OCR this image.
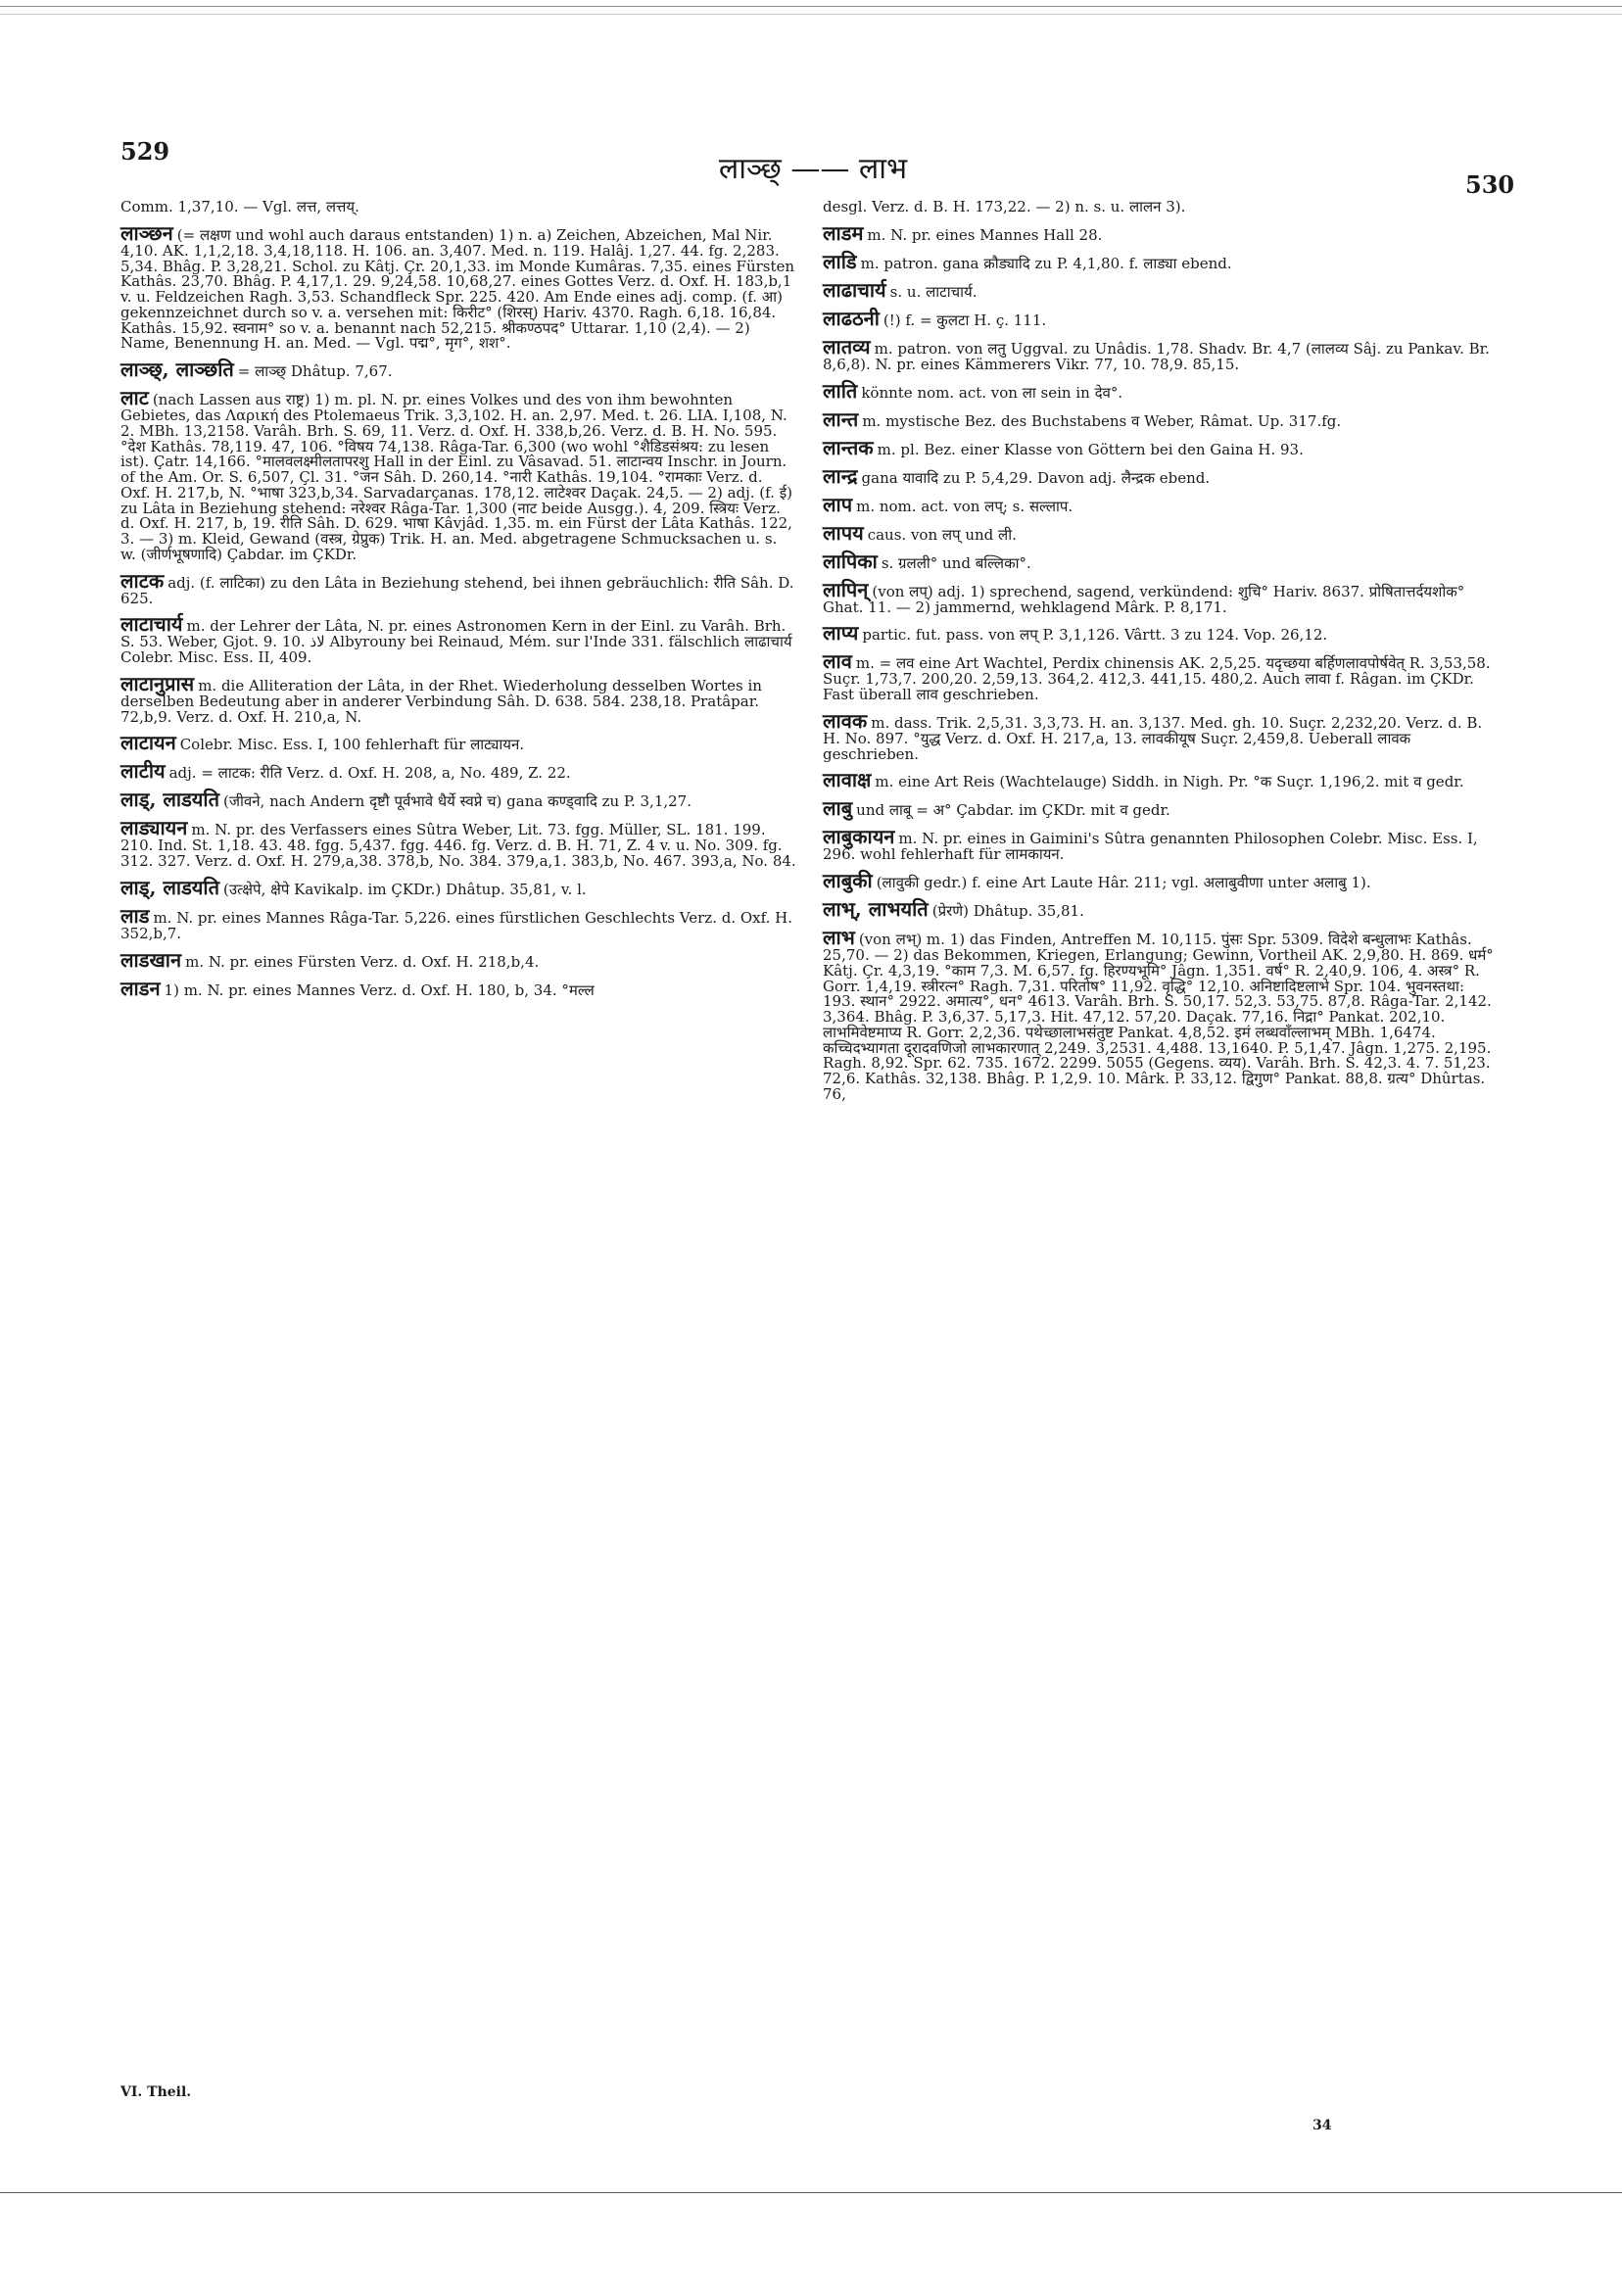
529
लाञ्छ् —— लाभ	530

Comm. 1,37,10. — Vgl. लत्त, लत्तय्.

लाञ्छन (= लक्षण und wohl auch daraus entstanden) 1) n. a) Zeichen, Abzeichen, Mal Nir. 4,10. AK. 1,1,2,18. 3,4,18,118. H. 106. an. 3,407. Med. n. 119. Halâj. 1,27. 44. fg. 2,283. 5,34. Bhâg. P. 3,28,21. Schol. zu Kâtj. Çr. 20,1,33. im Monde Kumâras. 7,35. eines Fürsten Kathâs. 23,70. Bhâg. P. 4,17,1. 29. 9,24,58. 10,68,27. eines Gottes Verz. d. Oxf. H. 183,b,1 v. u. Feldzeichen Ragh. 3,53. Schandfleck Spr. 225. 420. Am Ende eines adj. comp. (f. आ) gekennzeichnet durch so v. a. versehen mit: किरीट° (शिरस्) Hariv. 4370. Ragh. 6,18. 16,84. Kathâs. 15,92. स्वनाम° so v. a. benannt nach 52,215. श्रीकण्ठपद° Uttarar. 1,10 (2,4). — 2) Name, Benennung H. an. Med. — Vgl. पद्म°, मृग°, शश°.

लाञ्छ्, लाञ्छति = लाञ्छ् Dhâtup. 7,67.

लाट (nach Lassen aus राष्ट्र) 1) m. pl. N. pr. eines Volkes und des von ihm bewohnten Gebietes, das Λαρική des Ptolemaeus Trik. 3,3,102. H. an. 2,97. Med. t. 26. LIA. I,108, N. 2. MBh. 13,2158. Varâh. Brh. S. 69, 11. Verz. d. Oxf. H. 338,b,26. Verz. d. B. H. No. 595. °देश Kathâs. 78,119. 47, 106. °विषय 74,138. Râga-Tar. 6,300 (wo wohl °शैडिडसंश्रय: zu lesen ist). Çatr. 14,166. °मालवलक्ष्मीलतापरशु Hall in der Einl. zu Vâsavad. 51. लाटान्वय Inschr. in Journ. of the Am. Or. S. 6,507, Çl. 31. °जन Sâh. D. 260,14. °नारी Kathâs. 19,104. °रामकाः Verz. d. Oxf. H. 217,b, N. °भाषा 323,b,34. Sarvadarçanas. 178,12. लाटेश्वर Daçak. 24,5. — 2) adj. (f. ई) zu Lâta in Beziehung stehend: नरेश्वर Râga-Tar. 1,300 (नाट beide Ausgg.). 4, 209. स्त्रियः Verz. d. Oxf. H. 217, b, 19. रीति Sâh. D. 629. भाषा Kâvjâd. 1,35. m. ein Fürst der Lâta Kathâs. 122, 3. — 3) m. Kleid, Gewand (वस्त्र, ग्रेप्रुक) Trik. H. an. Med. abgetragene Schmucksachen u. s. w. (जीर्णभूषणादि) Çabdar. im ÇKDr.

लाटक adj. (f. लाटिका) zu den Lâta in Beziehung stehend, bei ihnen gebräuchlich: रीति Sâh. D. 625.

लाटाचार्य m. der Lehrer der Lâta, N. pr. eines Astronomen Kern in der Einl. zu Varâh. Brh. S. 53. Weber, Gjot. 9. 10. لاذ Albyrouny bei Reinaud, Mém. sur l'Inde 331. fälschlich लाढाचार्य Colebr. Misc. Ess. II, 409.

लाटानुप्रास m. die Alliteration der Lâta, in der Rhet. Wiederholung desselben Wortes in derselben Bedeutung aber in anderer Verbindung Sâh. D. 638. 584. 238,18. Pratâpar. 72,b,9. Verz. d. Oxf. H. 210,a, N.

लाटायन Colebr. Misc. Ess. I, 100 fehlerhaft für लाट्यायन.

लाटीय adj. = लाटक: रीति Verz. d. Oxf. H. 208, a, No. 489, Z. 22.

लाड्, लाडयति (जीवने, nach Andern दृष्टौ पूर्वभावे धैर्ये स्वप्ने च) gana कण्ड्वादि zu P. 3,1,27.

लाड्यायन m. N. pr. des Verfassers eines Sûtra Weber, Lit. 73. fgg. Müller, SL. 181. 199. 210. Ind. St. 1,18. 43. 48. fgg. 5,437. fgg. 446. fg. Verz. d. B. H. 71, Z. 4 v. u. No. 309. fg. 312. 327. Verz. d. Oxf. H. 279,a,38. 378,b, No. 384. 379,a,1. 383,b, No. 467. 393,a, No. 84.

लाड्, लाडयति (उत्क्षेपे, क्षेपे Kavikalp. im ÇKDr.) Dhâtup. 35,81, v. l.

लाड m. N. pr. eines Mannes Râga-Tar. 5,226. eines fürstlichen Geschlechts Verz. d. Oxf. H. 352,b,7.

लाडखान m. N. pr. eines Fürsten Verz. d. Oxf. H. 218,b,4.

लाडन 1) m. N. pr. eines Mannes Verz. d. Oxf. H. 180, b, 34. °मल्ल

desgl. Verz. d. B. H. 173,22. — 2) n. s. u. लालन 3).

लाडम m. N. pr. eines Mannes Hall 28.

लाडि m. patron. gana क्रौड्यादि zu P. 4,1,80. f. लाड्या ebend.

लाढाचार्य s. u. लाटाचार्य.

लाढठनी (!) f. = कुलटा H. ç. 111.

लातव्य m. patron. von लतु Uggval. zu Unâdis. 1,78. Shadv. Br. 4,7 (लालव्य Sâj. zu Pankav. Br. 8,6,8). N. pr. eines Kämmerers Vikr. 77, 10. 78,9. 85,15.

लाति könnte nom. act. von ला sein in देव°.

लान्त m. mystische Bez. des Buchstabens व Weber, Râmat. Up. 317.fg.

लान्तक m. pl. Bez. einer Klasse von Göttern bei den Gaina H. 93.

लान्द्र gana यावादि zu P. 5,4,29. Davon adj. लैन्द्रक ebend.

लाप m. nom. act. von लप्; s. सल्लाप.

लापय caus. von लप् und ली.

लापिका s. ग्रलली° und बल्लिका°.

लापिन् (von लप्) adj. 1) sprechend, sagend, verkündend: शुचि° Hariv. 8637. प्रोषितात्तर्दयशोक° Ghat. 11. — 2) jammernd, wehklagend Mârk. P. 8,171.

लाप्य partic. fut. pass. von लप् P. 3,1,126. Vârtt. 3 zu 124. Vop. 26,12.

लाव m. = लव eine Art Wachtel, Perdix chinensis AK. 2,5,25. यदृच्छया बर्हिणलावपोर्षवेत् R. 3,53,58. Suçr. 1,73,7. 200,20. 2,59,13. 364,2. 412,3. 441,15. 480,2. Auch लावा f. Râgan. im ÇKDr. Fast überall लाव geschrieben.

लावक m. dass. Trik. 2,5,31. 3,3,73. H. an. 3,137. Med. gh. 10. Suçr. 2,232,20. Verz. d. B. H. No. 897. °युद्ध Verz. d. Oxf. H. 217,a, 13. लावकीयूष Suçr. 2,459,8. Ueberall लावक geschrieben.

लावाक्ष m. eine Art Reis (Wachtelauge) Siddh. in Nigh. Pr. °क Suçr. 1,196,2. mit व gedr.

लाबु und लाबू = अ° Çabdar. im ÇKDr. mit व gedr.

लाबुकायन m. N. pr. eines in Gaimini's Sûtra genannten Philosophen Colebr. Misc. Ess. I, 296. wohl fehlerhaft für लामकायन.

लाबुकी (लावुकी gedr.) f. eine Art Laute Hâr. 211; vgl. अलाबुवीणा unter अलाबु 1).

लाभ्, लाभयति (प्रेरणे) Dhâtup. 35,81.

लाभ (von लभ्) m. 1) das Finden, Antreffen M. 10,115. पुंसः Spr. 5309. विदेशे बन्धुलाभः Kathâs. 25,70. — 2) das Bekommen, Kriegen, Erlangung; Gewinn, Vortheil AK. 2,9,80. H. 869. धर्म° Kâtj. Çr. 4,3,19. °काम 7,3. M. 6,57. fg. हिरण्यभूमि° Jâgn. 1,351. वर्ष° R. 2,40,9. 106, 4. अस्त्र° R. Gorr. 1,4,19. स्त्रीरत्न° Ragh. 7,31. परितोष° 11,92. वृद्धि° 12,10. अनिष्टादिष्टलाभे Spr. 104. भुवनस्तथा: 193. स्थान° 2922. अमात्य°, धन° 4613. Varâh. Brh. S. 50,17. 52,3. 53,75. 87,8. Râga-Tar. 2,142. 3,364. Bhâg. P. 3,6,37. 5,17,3. Hit. 47,12. 57,20. Daçak. 77,16. निद्रा° Pankat. 202,10. लाभमिवेष्टमाप्य R. Gorr. 2,2,36. पथेच्छालाभसंतुष्ट Pankat. 4,8,52. इमं लब्धवाँल्लाभम् MBh. 1,6474. कच्चिदभ्यागता दूरादवणिजो लाभकारणात् 2,249. 3,2531. 4,488. 13,1640. P. 5,1,47. Jâgn. 1,275. 2,195. Ragh. 8,92. Spr. 62. 735. 1672. 2299. 5055 (Gegens. व्यय). Varâh. Brh. S. 42,3. 4. 7. 51,23. 72,6. Kathâs. 32,138. Bhâg. P. 1,2,9. 10. Mârk. P. 33,12. द्विगुण° Pankat. 88,8. ग्रत्य° Dhûrtas. 76,

VI. Theil.
34
